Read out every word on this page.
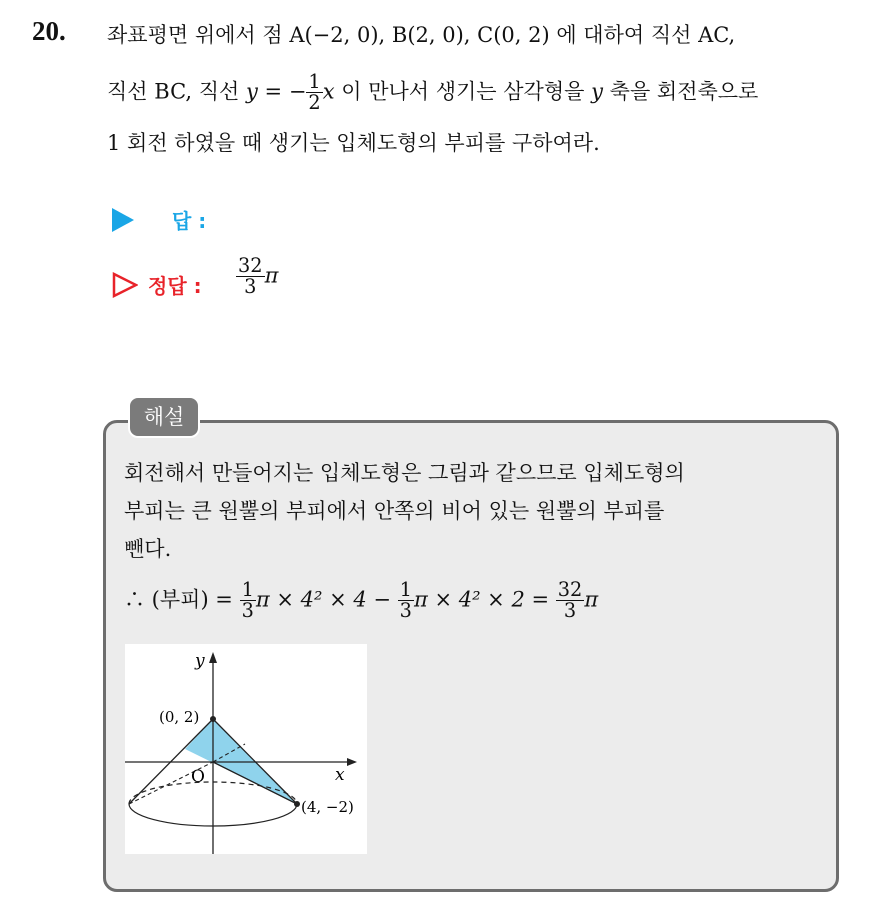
20. 좌표평면 위에서 점 A(−2, 0), B(2, 0), C(0, 2) 에 대하여 직선 AC,
직선 BC, 직선 y = − $\frac{1}{2}$ x 이 만나서 생기는 삼각형을 y 축을 회전축으로
1 회전 하였을 때 생기는 입체도형의 부피를 구하여라.
답 :
정답 : $\frac{32}{3}$ π
해설
회전해서 만들어지는 입체도형은 그림과 같으므로 입체도형의
부피는 큰 원뿔의 부피에서 안쪽의 비어 있는 원뿔의 부피를
뺀다.
∴ (부피) = $\frac{1}{3}$ $\pi \times 4^2 \times 4 - \frac{1}{3}$ $\pi \times 4^2 \times 2 = \frac{32}{3}$ π
y
x
O
(0, 2)
(4, −2)
